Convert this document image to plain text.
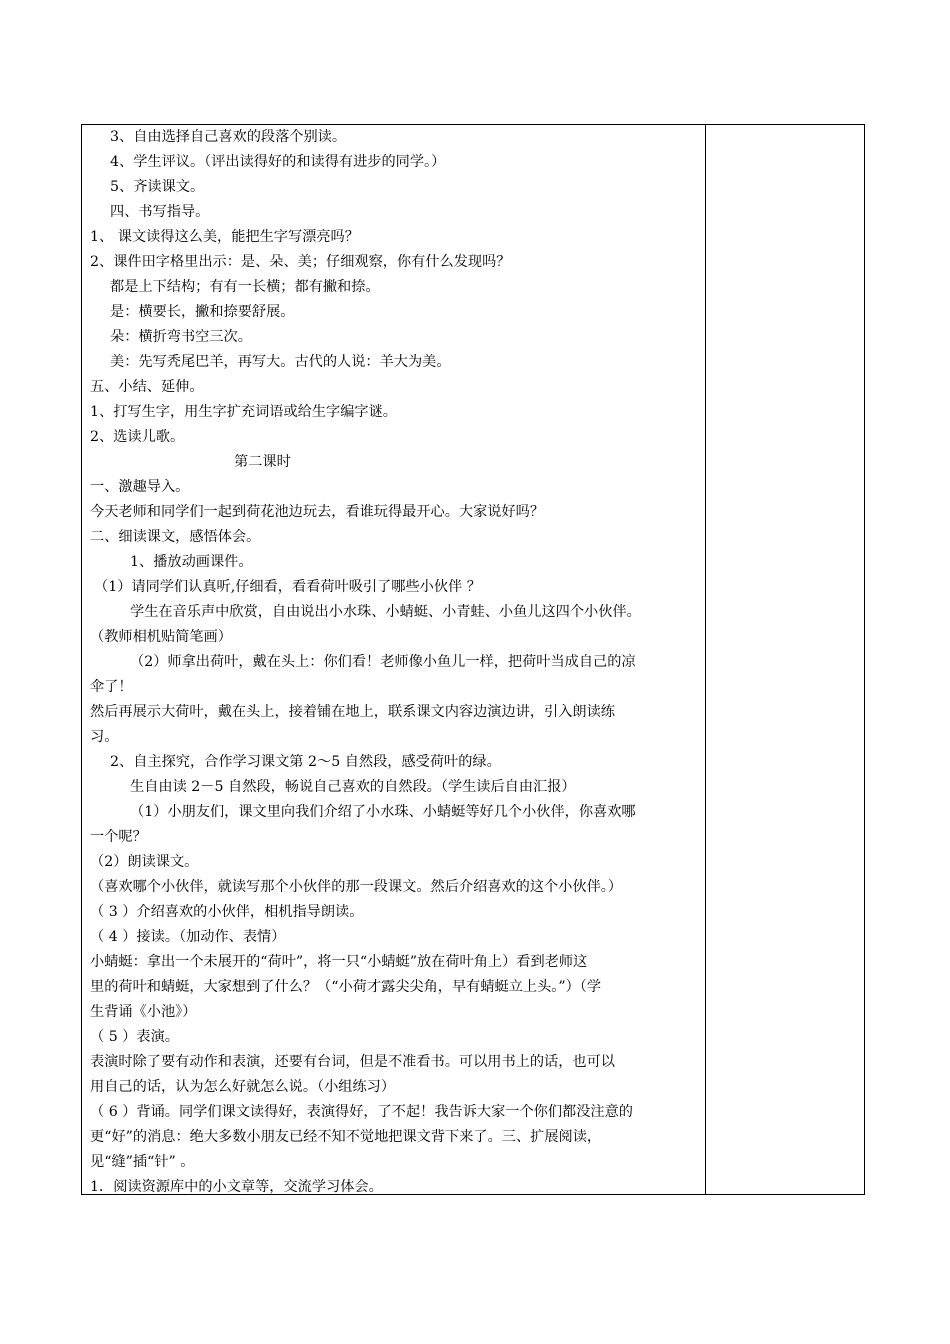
3、自由选择自己喜欢的段落个别读。
4、学生评议。（评出读得好的和读得有进步的同学。）
5、齐读课文。
四、书写指导。
1、 课文读得这么美，能把生字写漂亮吗？
2、课件田字格里出示：是、朵、美；仔细观察，你有什么发现吗？
都是上下结构；有有一长横；都有撇和捺。
是：横要长，撇和捺要舒展。
朵：横折弯书空三次。
美：先写秃尾巴羊，再写大。古代的人说：羊大为美。
五、小结、延伸。
1、打写生字，用生字扩充词语或给生字编字谜。
2、选读儿歌。
第二课时
一、激趣导入。
今天老师和同学们一起到荷花池边玩去，看谁玩得最开心。大家说好吗？
二、细读课文，感悟体会。
1、播放动画课件。
（1）请同学们认真听,仔细看，看看荷叶吸引了哪些小伙伴 ？
学生在音乐声中欣赏，自由说出小水珠、小蜻蜓、小青蛙、小鱼儿这四个小伙伴。
（教师相机贴简笔画）
（2）师拿出荷叶，戴在头上：你们看！老师像小鱼儿一样，把荷叶当成自己的凉
伞了！
然后再展示大荷叶，戴在头上，接着铺在地上，联系课文内容边演边讲，引入朗读练
习。
2、自主探究，合作学习课文第 2～5 自然段，感受荷叶的绿。
生自由读 2－5 自然段，畅说自己喜欢的自然段。（学生读后自由汇报）
（1）小朋友们，课文里向我们介绍了小水珠、小蜻蜓等好几个小伙伴，你喜欢哪
一个呢？
（2）朗读课文。
（喜欢哪个小伙伴，就读写那个小伙伴的那一段课文。然后介绍喜欢的这个小伙伴。）
（ 3 ）介绍喜欢的小伙伴，相机指导朗读。
（ 4 ）接读。（加动作、表情）
小蜻蜓：拿出一个未展开的“荷叶”，将一只“小蜻蜓”放在荷叶角上）看到老师这
里的荷叶和蜻蜓，大家想到了什么？（“小荷才露尖尖角，早有蜻蜓立上头。”）（学
生背诵《小池》）
（ 5 ）表演。
表演时除了要有动作和表演，还要有台词，但是不准看书。可以用书上的话，也可以
用自己的话，认为怎么好就怎么说。（小组练习）
（ 6 ）背诵。同学们课文读得好，表演得好，了不起！我告诉大家一个你们都没注意的
更“好”的消息：绝大多数小朋友已经不知不觉地把课文背下来了。三、扩展阅读，
见“缝”插“针” 。
1．阅读资源库中的小文章等，交流学习体会。
